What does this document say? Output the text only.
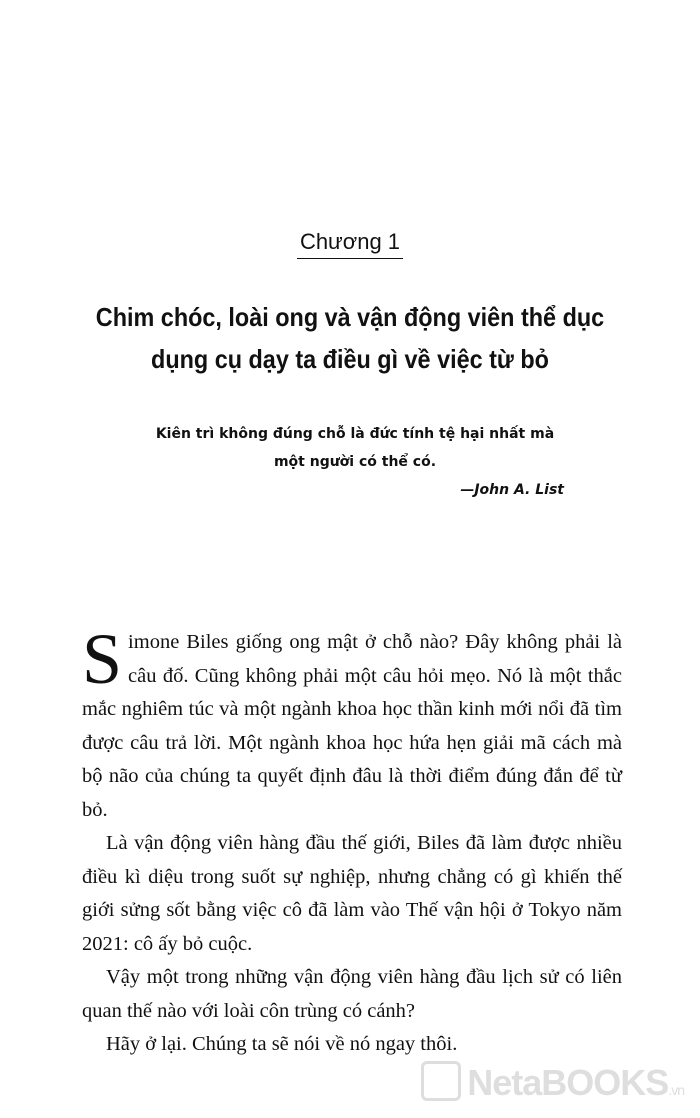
Chương 1
Chim chóc, loài ong và vận động viên thể dục
dụng cụ dạy ta điều gì về việc từ bỏ
Kiên trì không đúng chỗ là đức tính tệ hại nhất mà
một người có thể có.
—John A. List

Simone Biles giống ong mật ở chỗ nào? Đây không phải là câu đố. Cũng không phải một câu hỏi mẹo. Nó là một thắc mắc nghiêm túc và một ngành khoa học thần kinh mới nổi đã tìm được câu trả lời. Một ngành khoa học hứa hẹn giải mã cách mà bộ não của chúng ta quyết định đâu là thời điểm đúng đắn để từ bỏ.

Là vận động viên hàng đầu thế giới, Biles đã làm được nhiều điều kì diệu trong suốt sự nghiệp, nhưng chẳng có gì khiến thế giới sửng sốt bằng việc cô đã làm vào Thế vận hội ở Tokyo năm 2021: cô ấy bỏ cuộc.

Vậy một trong những vận động viên hàng đầu lịch sử có liên quan thế nào với loài côn trùng có cánh?

Hãy ở lại. Chúng ta sẽ nói về nó ngay thôi.

NetaBOOKS.vn
